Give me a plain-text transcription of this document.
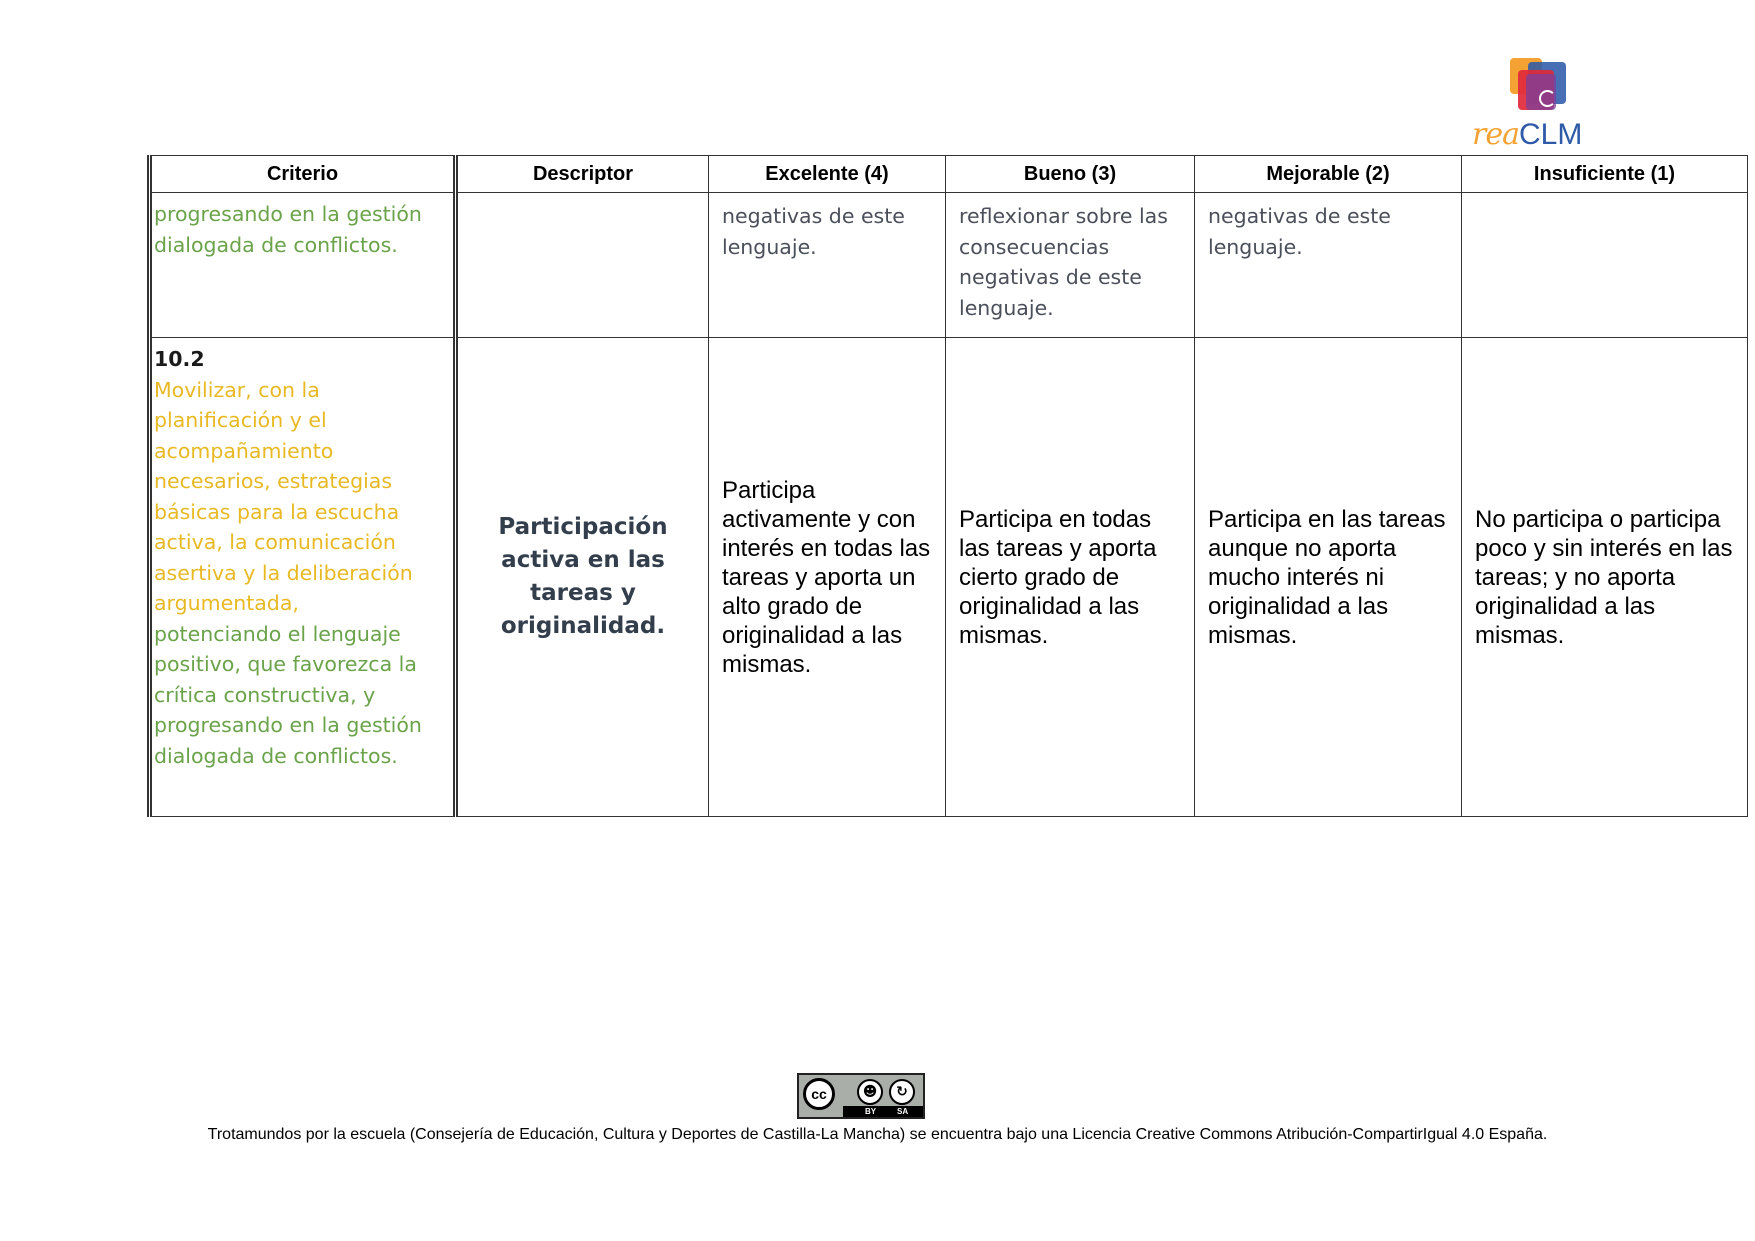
reaCLM
Criterio	Descriptor	Excelente (4)	Bueno (3)	Mejorable (2)	Insuficiente (1)
progresando en la gestión dialogada de conflictos.		negativas de este lenguaje.	reflexionar sobre las consecuencias negativas de este lenguaje.	negativas de este lenguaje.	

10.2
Movilizar, con la planificación y el acompañamiento necesarios, estrategias básicas para la escucha activa, la comunicación asertiva y la deliberación argumentada,
potenciando el lenguaje positivo, que favorezca la crítica constructiva, y progresando en la gestión dialogada de conflictos.	Participación activa en las tareas y originalidad.	Participa activamente y con interés en todas las tareas y aporta un alto grado de originalidad a las mismas.	Participa en todas las tareas y aporta cierto grado de originalidad a las mismas.	Participa en las tareas aunque no aporta mucho interés ni originalidad a las mismas.	No participa o participa poco y sin interés en las tareas; y no aporta originalidad a las mismas.
cc	☻	↻
BY	SA
Trotamundos por la escuela (Consejería de Educación, Cultura y Deportes de Castilla-La Mancha) se encuentra bajo una Licencia Creative Commons Atribución-CompartirIgual 4.0 España.
